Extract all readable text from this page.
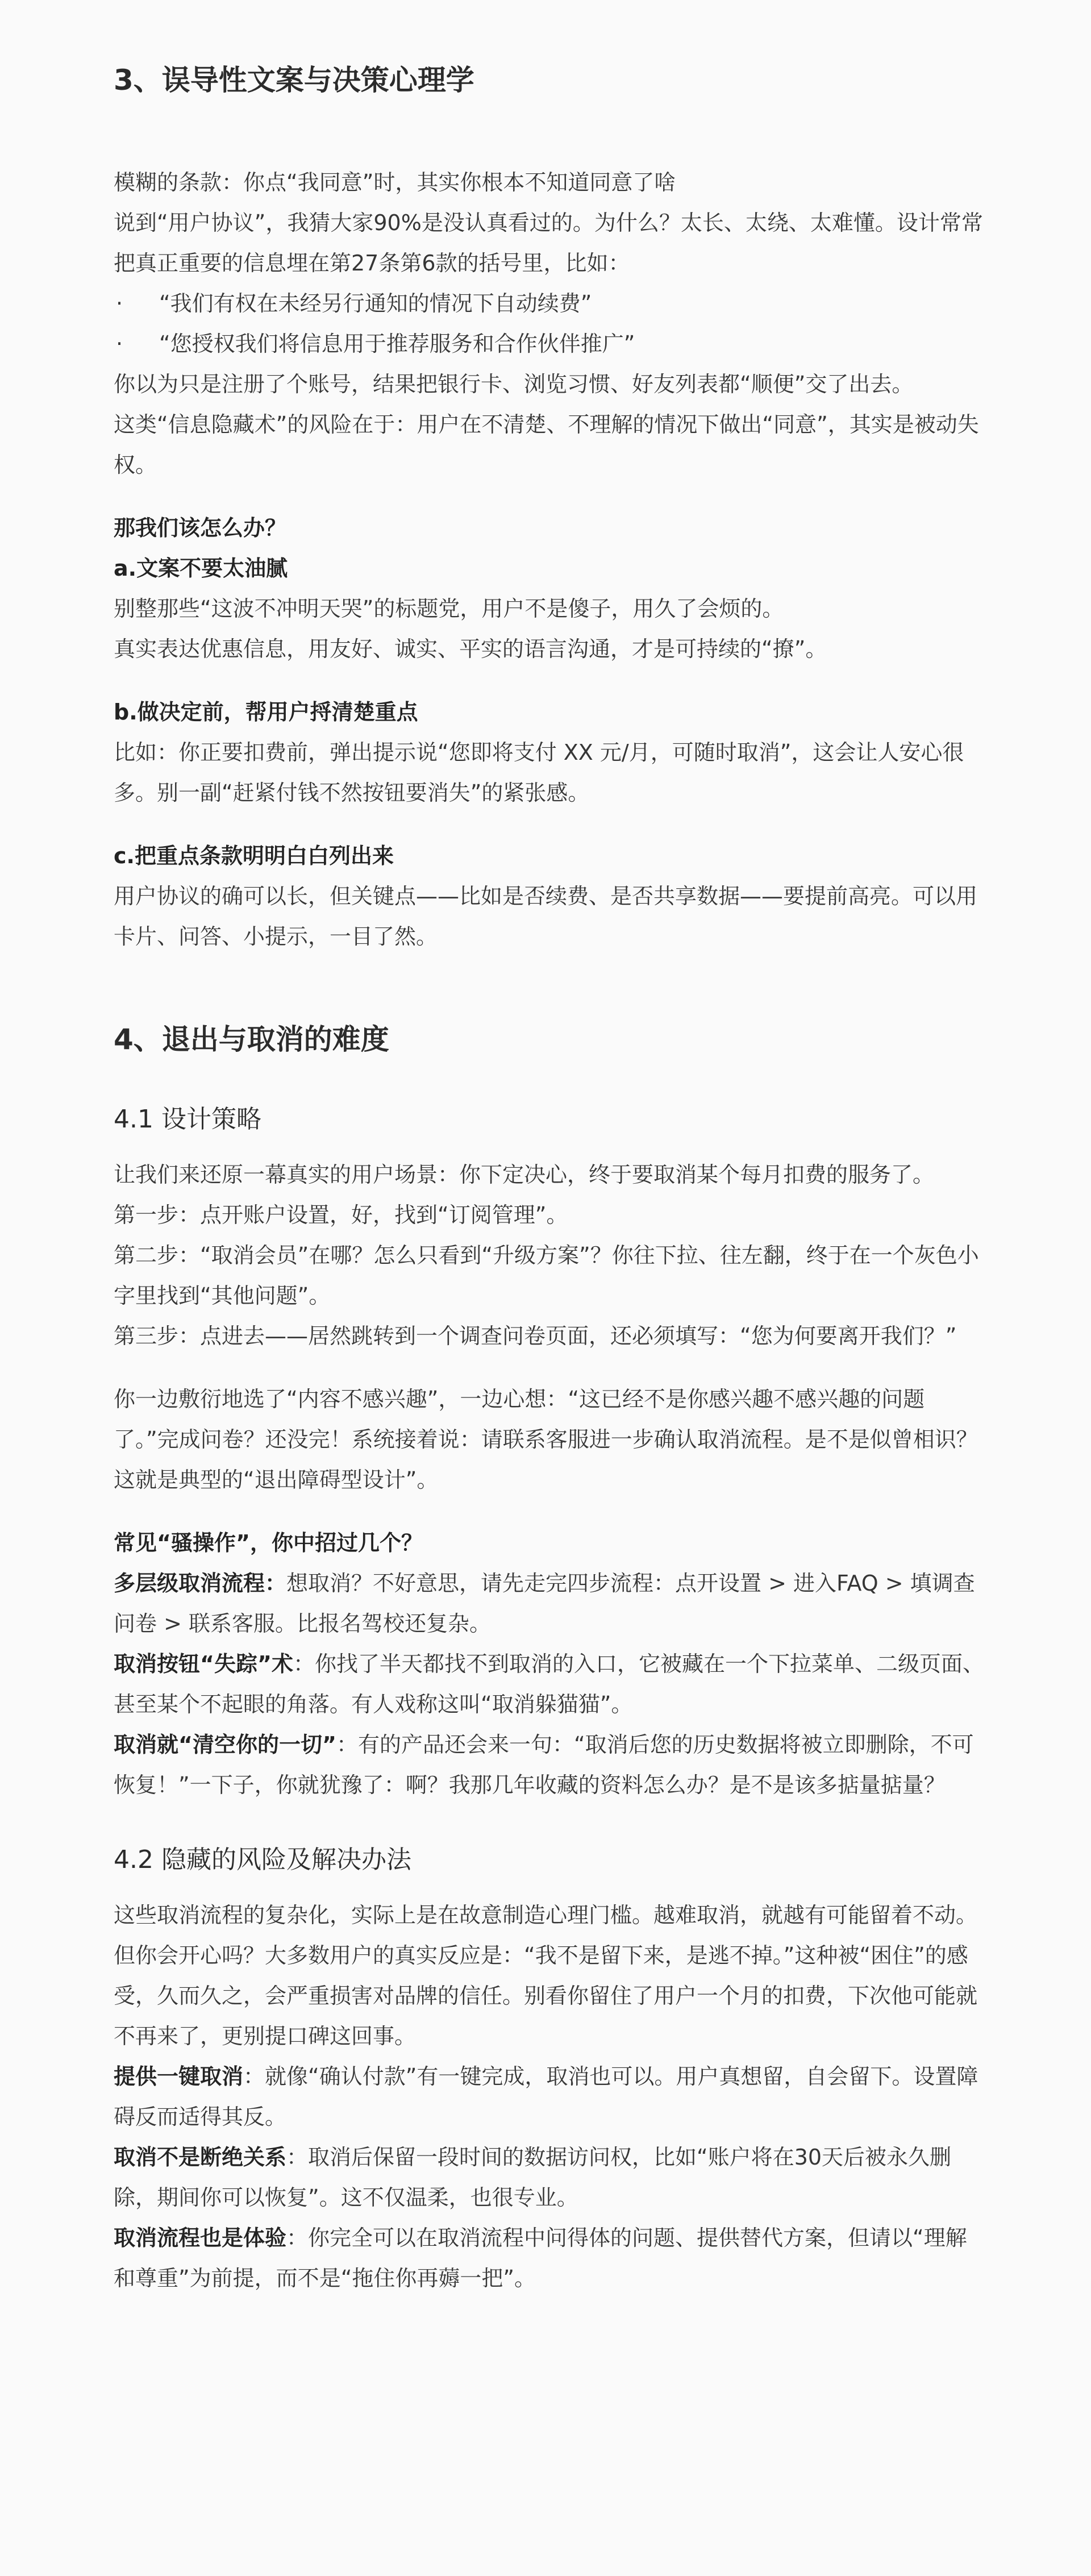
3、误导性文案与决策心理学

模糊的条款：你点“我同意”时，其实你根本不知道同意了啥

说到“用户协议”，我猜大家90%是没认真看过的。为什么？太长、太绕、太难懂。设计常常把真正重要的信息埋在第27条第6款的括号里，比如：

·	“我们有权在未经另行通知的情况下自动续费”
·	“您授权我们将信息用于推荐服务和合作伙伴推广”

你以为只是注册了个账号，结果把银行卡、浏览习惯、好友列表都“顺便”交了出去。

这类“信息隐藏术”的风险在于：用户在不清楚、不理解的情况下做出“同意”，其实是被动失权。

那我们该怎么办？

a.文案不要太油腻

别整那些“这波不冲明天哭”的标题党，用户不是傻子，用久了会烦的。

真实表达优惠信息，用友好、诚实、平实的语言沟通，才是可持续的“撩”。

b.做决定前，帮用户捋清楚重点

比如：你正要扣费前，弹出提示说“您即将支付 XX 元/月，可随时取消”，这会让人安心很多。别一副“赶紧付钱不然按钮要消失”的紧张感。

c.把重点条款明明白白列出来

用户协议的确可以长，但关键点——比如是否续费、是否共享数据——要提前高亮。可以用卡片、问答、小提示，一目了然。

4、退出与取消的难度
4.1 设计策略

让我们来还原一幕真实的用户场景：你下定决心，终于要取消某个每月扣费的服务了。

第一步：点开账户设置，好，找到“订阅管理”。

第二步：“取消会员”在哪？怎么只看到“升级方案”？你往下拉、往左翻，终于在一个灰色小字里找到“其他问题”。

第三步：点进去——居然跳转到一个调查问卷页面，还必须填写：“您为何要离开我们？”

你一边敷衍地选了“内容不感兴趣”，一边心想：“这已经不是你感兴趣不感兴趣的问题了。”完成问卷？还没完！系统接着说：请联系客服进一步确认取消流程。是不是似曾相识？这就是典型的“退出障碍型设计”。

常见“骚操作”，你中招过几个？

多层级取消流程：想取消？不好意思，请先走完四步流程：点开设置 > 进入FAQ > 填调查问卷 > 联系客服。比报名驾校还复杂。

取消按钮“失踪”术：你找了半天都找不到取消的入口，它被藏在一个下拉菜单、二级页面、甚至某个不起眼的角落。有人戏称这叫“取消躲猫猫”。

取消就“清空你的一切”：有的产品还会来一句：“取消后您的历史数据将被立即删除，不可恢复！”一下子，你就犹豫了：啊？我那几年收藏的资料怎么办？是不是该多掂量掂量？

4.2 隐藏的风险及解决办法

这些取消流程的复杂化，实际上是在故意制造心理门槛。越难取消，就越有可能留着不动。但你会开心吗？大多数用户的真实反应是：“我不是留下来，是逃不掉。”这种被“困住”的感受，久而久之，会严重损害对品牌的信任。别看你留住了用户一个月的扣费，下次他可能就不再来了，更别提口碑这回事。

提供一键取消：就像“确认付款”有一键完成，取消也可以。用户真想留，自会留下。设置障碍反而适得其反。

取消不是断绝关系：取消后保留一段时间的数据访问权，比如“账户将在30天后被永久删除，期间你可以恢复”。这不仅温柔，也很专业。

取消流程也是体验：你完全可以在取消流程中问得体的问题、提供替代方案，但请以“理解和尊重”为前提，而不是“拖住你再薅一把”。
